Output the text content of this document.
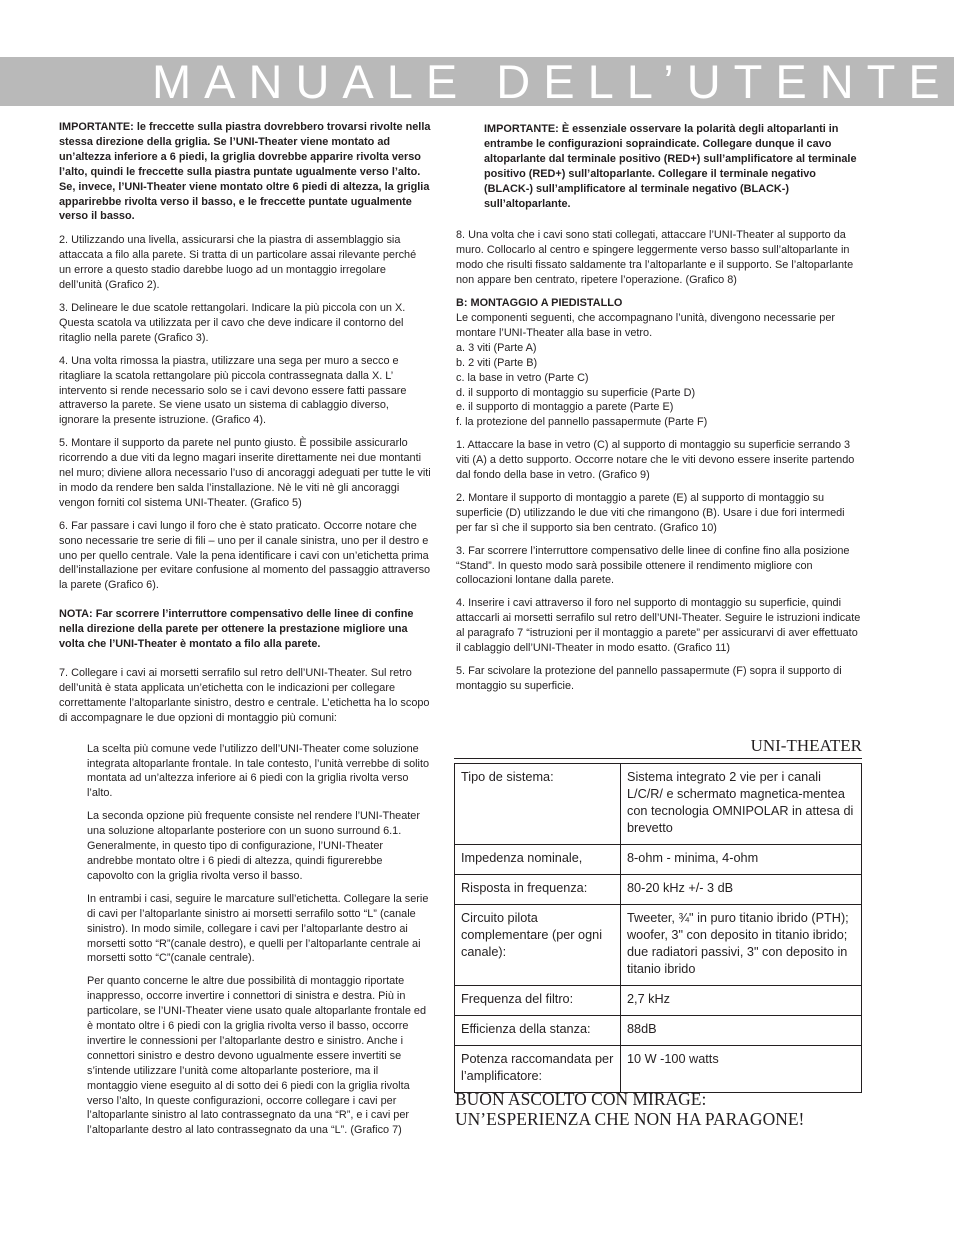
MANUALE DELL’UTENTE

IMPORTANTE: le freccette sulla piastra dovrebbero trovarsi rivolte nella stessa direzione della griglia. Se l’UNI-Theater viene montato ad un’altezza inferiore a 6 piedi, la griglia dovrebbe apparire rivolta verso l’alto, quindi le freccette sulla piastra puntate ugualmente verso l’alto. Se, invece, l’UNI-Theater viene montato oltre 6 piedi di altezza, la griglia apparirebbe rivolta verso il basso, e le freccette puntate ugualmente verso il basso.

2. Utilizzando una livella, assicurarsi che la piastra di assemblaggio sia attaccata a filo alla parete. Si tratta di un particolare assai rilevante perché un errore a questo stadio darebbe luogo ad un montaggio irregolare dell’unità (Grafico 2).

3. Delineare le due scatole rettangolari. Indicare la più piccola con un X. Questa scatola va utilizzata per il cavo che deve indicare il contorno del ritaglio nella parete (Grafico 3).

4. Una volta rimossa la piastra, utilizzare una sega per muro a secco e ritagliare la scatola rettangolare più piccola contrassegnata dalla X. L’ intervento si rende necessario solo se i cavi devono essere fatti passare attraverso la parete. Se viene usato un sistema di cablaggio diverso, ignorare la presente istruzione. (Grafico 4).

5. Montare il supporto da parete nel punto giusto. È possibile assicurarlo ricorrendo a due viti da legno magari inserite direttamente nei due montanti nel muro; diviene allora necessario l’uso di ancoraggi adeguati per tutte le viti in modo da rendere ben salda l’installazione. Nè le viti nè gli ancoraggi vengon forniti col sistema UNI-Theater. (Grafico 5)

6. Far passare i cavi lungo il foro che è stato praticato. Occorre notare che sono necessarie tre serie di fili – uno per il canale sinistra, uno per il destro e uno per quello centrale. Vale la pena identificare i cavi con un’etichetta prima dell’installazione per evitare confusione al momento del passaggio attraverso la parete (Grafico 6).

NOTA: Far scorrere l’interruttore compensativo delle linee di confine nella direzione della parete per ottenere la prestazione migliore una volta che l’UNI-Theater è montato a filo alla parete.

7. Collegare i cavi ai morsetti serrafilo sul retro dell’UNI-Theater. Sul retro dell’unità è stata applicata un’etichetta con le indicazioni per collegare correttamente l’altoparlante sinistro, destro e centrale. L’etichetta ha lo scopo di accompagnare le due opzioni di montaggio più comuni:

La scelta più comune vede l’utilizzo dell’UNI-Theater come soluzione integrata altoparlante frontale. In tale contesto, l’unità verrebbe di solito montata ad un’altezza inferiore ai 6 piedi con la griglia rivolta verso l’alto.

La seconda opzione più frequente consiste nel rendere l’UNI-Theater una soluzione altoparlante posteriore con un suono surround 6.1. Generalmente, in questo tipo di configurazione, l’UNI-Theater andrebbe montato oltre i 6 piedi di altezza, quindi figurerebbe capovolto con la griglia rivolta verso il basso.

In entrambi i casi, seguire le marcature sull’etichetta. Collegare la serie di cavi per l’altoparlante sinistro ai morsetti serrafilo sotto “L” (canale sinistro). In modo simile, collegare i cavi per l’altoparlante destro ai morsetti sotto “R”(canale destro), e quelli per l’altoparlante centrale ai morsetti sotto “C”(canale centrale).

Per quanto concerne le altre due possibilità di montaggio riportate inappresso, occorre invertire i connettori di sinistra e destra. Più in particolare, se l’UNI-Theater viene usato quale altoparlante frontale ed è montato oltre i 6 piedi con la griglia rivolta verso il basso, occorre invertire le connessioni per l’altoparlante destro e sinistro. Anche i connettori sinistro e destro devono ugualmente essere invertiti se s’intende utilizzare l’unità come altoparlante posteriore, ma il montaggio viene eseguito al di sotto dei 6 piedi con la griglia rivolta verso l’alto, In queste configurazioni, occorre collegare i cavi per l’altoparlante sinistro al lato contrassegnato da una “R”, e i cavi per l’altoparlante destro al lato contrassegnato da una “L”. (Grafico 7)

IMPORTANTE: È essenziale osservare la polarità degli altoparlanti in entrambe le configurazioni sopraindicate. Collegare dunque il cavo altoparlante dal terminale positivo (RED+) sull’amplificatore al terminale positivo (RED+) sull’altoparlante. Collegare il terminale negativo (BLACK-) sull’amplificatore al terminale negativo (BLACK-) sull’altoparlante.

8. Una volta che i cavi sono stati collegati, attaccare l’UNI-Theater al supporto da muro. Collocarlo al centro e spingere leggermente verso basso sull’altoparlante in modo che risulti fissato saldamente tra l’altoparlante e il supporto. Se l’altoparlante non appare ben centrato, ripetere l’operazione. (Grafico 8)

B: MONTAGGIO A PIEDISTALLO
Le componenti seguenti, che accompagnano l’unità, divengono necessarie per montare l’UNI-Theater alla base in vetro.
a. 3 viti (Parte A)
b. 2 viti (Parte B)
c. la base in vetro (Parte C)
d. il supporto di montaggio su superficie (Parte D)
e. il supporto di montaggio a parete (Parte E)
f. la protezione del pannello passapermute (Parte F)

1. Attaccare la base in vetro (C) al supporto di montaggio su superficie serrando 3 viti (A) a detto supporto. Occorre notare che le viti devono essere inserite partendo dal fondo della base in vetro. (Grafico 9)

2. Montare il supporto di montaggio a parete (E) al supporto di montaggio su superficie (D) utilizzando le due viti che rimangono (B). Usare i due fori intermedi per far sì che il supporto sia ben centrato. (Grafico 10)

3. Far scorrere l’interruttore compensativo delle linee di confine fino alla posizione “Stand”. In questo modo sarà possibile ottenere il rendimento migliore con collocazioni lontane dalla parete.

4. Inserire i cavi attraverso il foro nel supporto di montaggio su superficie, quindi attaccarli ai morsetti serrafilo sul retro dell’UNI-Theater. Seguire le istruzioni indicate al paragrafo 7 “istruzioni per il montaggio a parete” per assicurarvi di aver effettuato il cablaggio dell’UNI-Theater in modo esatto. (Grafico 11)

5. Far scivolare la protezione del pannello passapermute (F) sopra il supporto di montaggio su superficie.

UNI-THEATER
Tipo de sistema:	Sistema integrato 2 vie per i canali L/C/R/ e schermato magnetica-mentea con tecnologia OMNIPOLAR in attesa di brevetto
Impedenza nominale,	8-ohm - minima, 4-ohm
Risposta in frequenza:	80-20 kHz +/- 3 dB
Circuito pilota complementare (per ogni canale):	Tweeter, ¾" in puro titanio ibrido (PTH); woofer, 3" con deposito in titanio ibrido; due radiatori passivi, 3" con deposito in titanio ibrido
Frequenza del filtro:	2,7 kHz
Efficienza della stanza:	88dB
Potenza raccomandata per l’amplificatore:	10 W -100 watts
BUON ASCOLTO CON MIRAGE:
UN’ESPERIENZA CHE NON HA PARAGONE!
